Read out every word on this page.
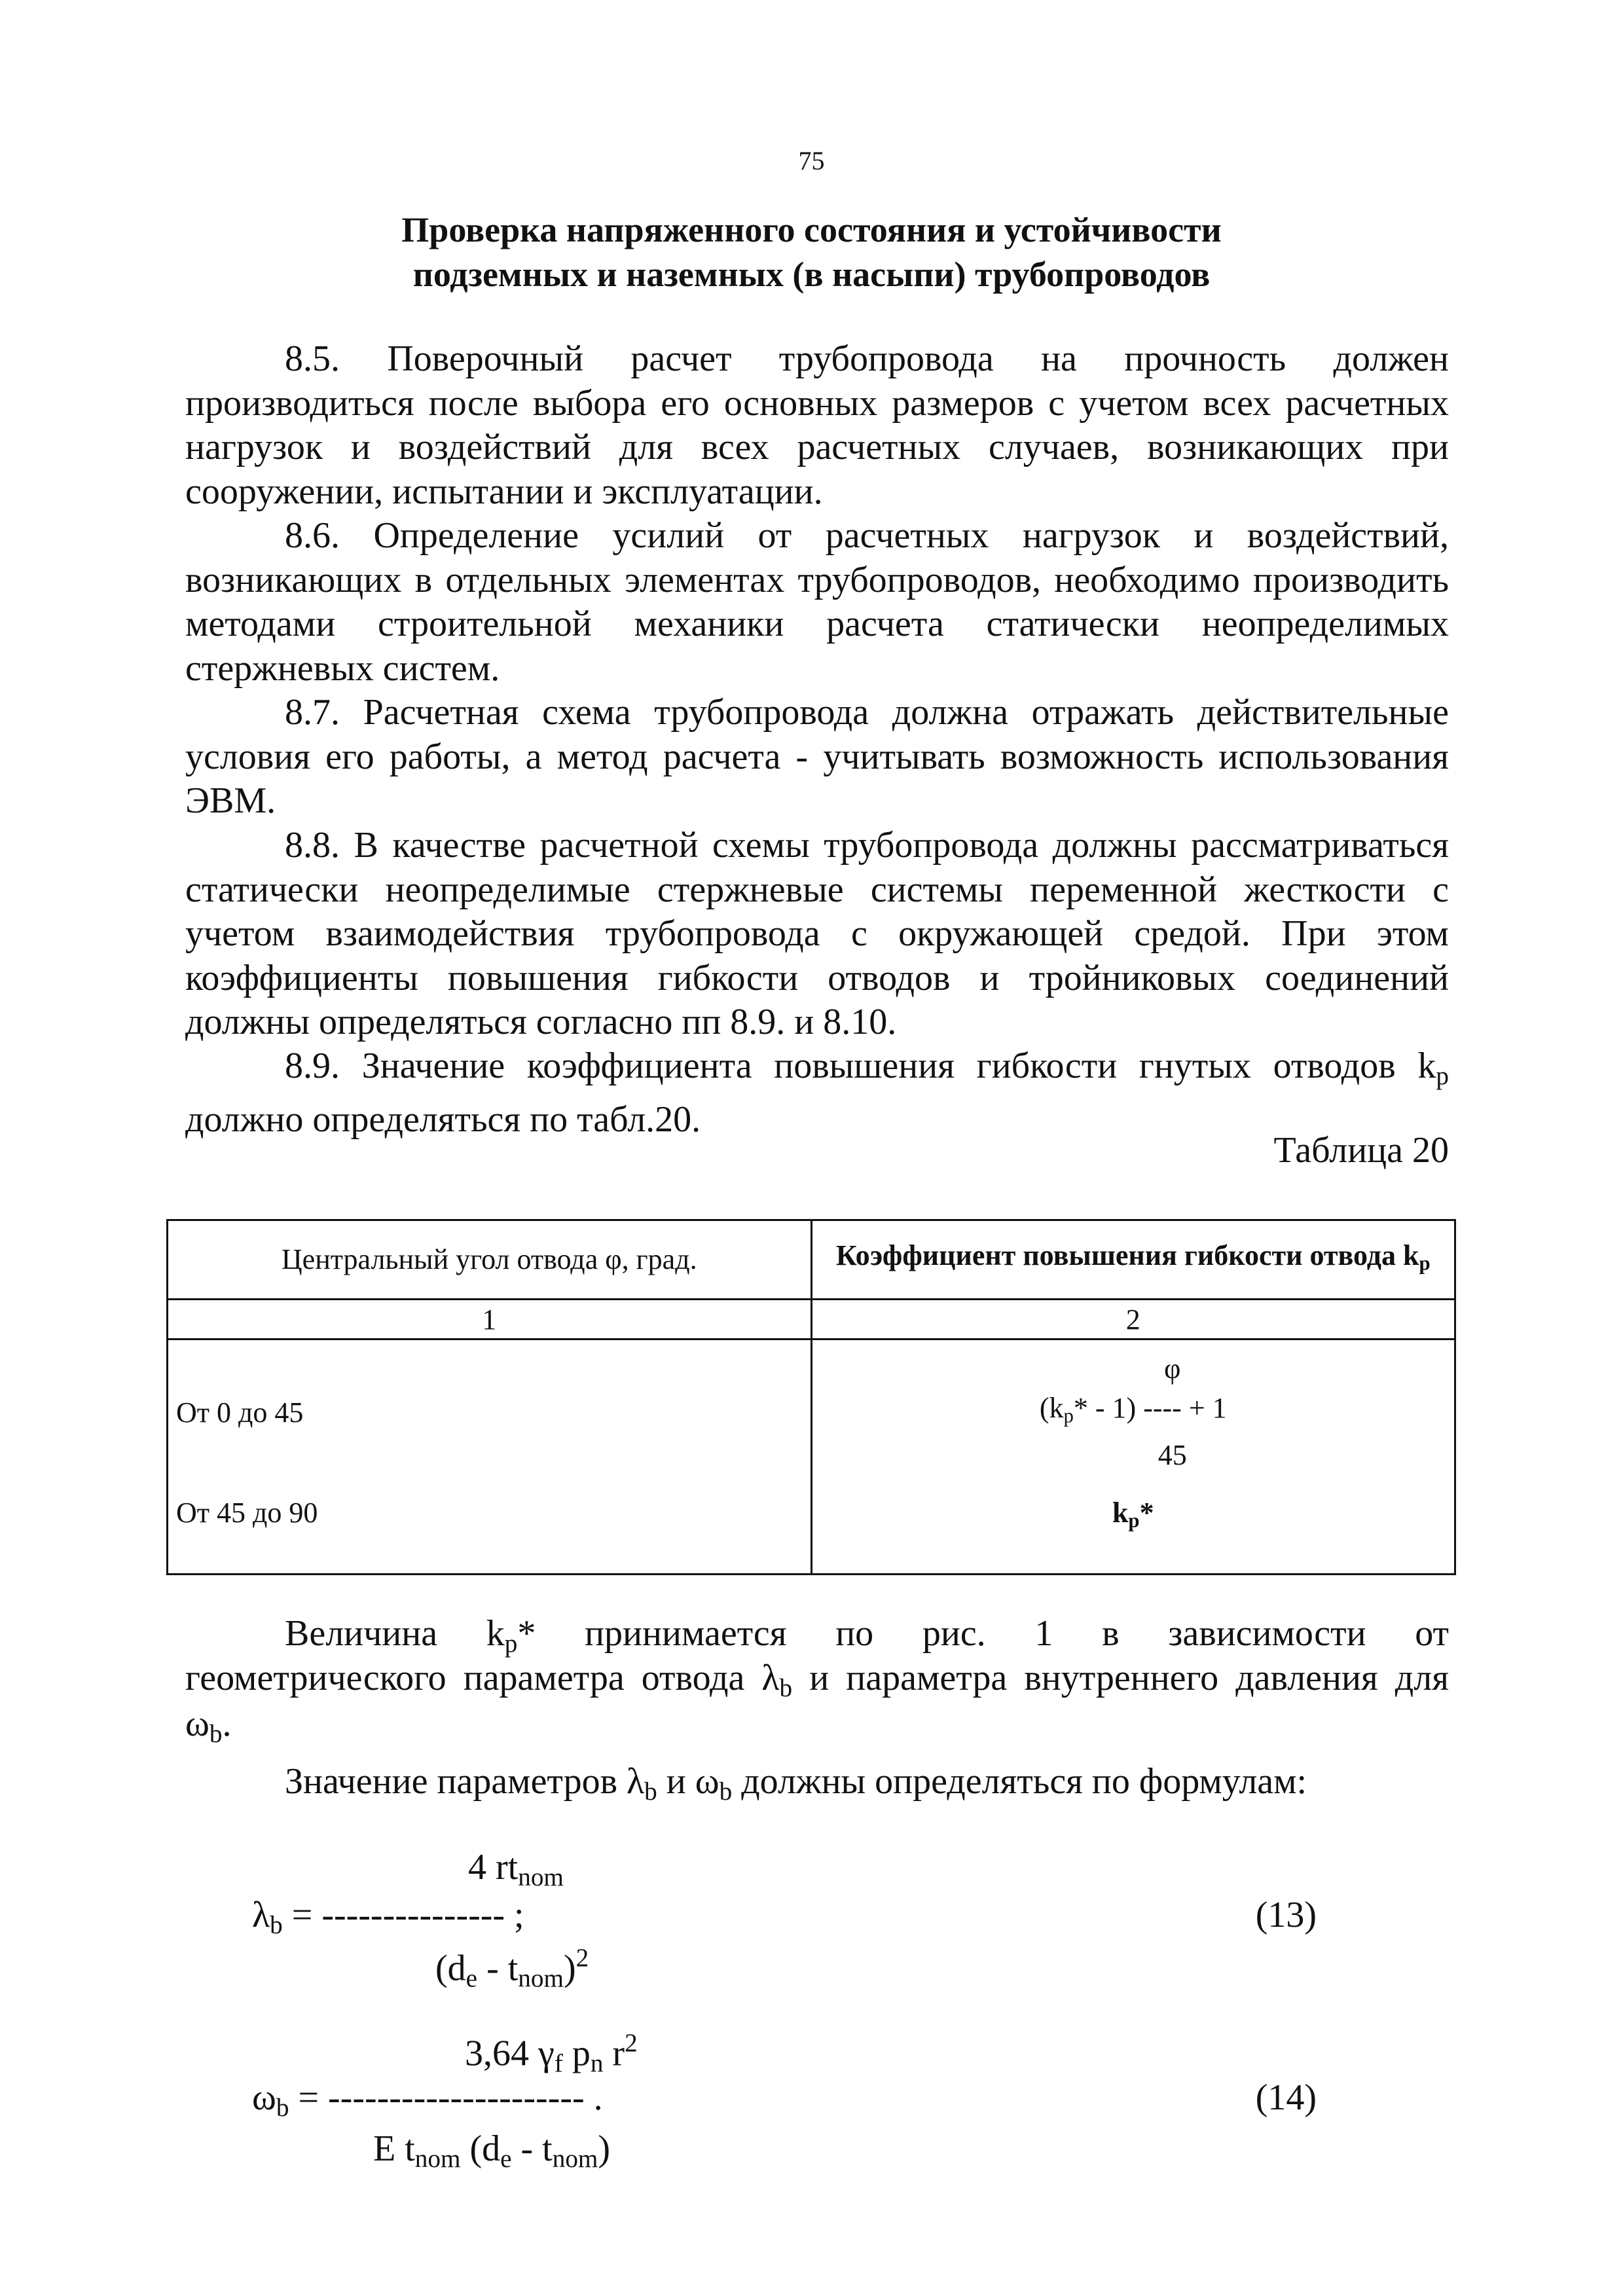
75
Проверка напряженного состояния и устойчивости
подземных и наземных (в насыпи) трубопроводов

8.5. Поверочный расчет трубопровода на прочность должен производиться после выбора его основных размеров с учетом всех расчетных нагрузок и воздействий для всех расчетных случаев, возникающих при сооружении, испытании и эксплуатации.

8.6. Определение усилий от расчетных нагрузок и воздействий, возникающих в отдельных элементах трубопроводов, необходимо производить методами строительной механики расчета статически неопределимых стержневых систем.

8.7. Расчетная схема трубопровода должна отражать действительные условия его работы, а метод расчета - учитывать возможность использования ЭВМ.

8.8. В качестве расчетной схемы трубопровода должны рассматриваться статически неопределимые стержневые системы переменной жесткости с учетом взаимодействия трубопровода с окружающей средой. При этом коэффициенты повышения гибкости отводов и тройниковых соединений должны определяться согласно пп 8.9. и 8.10.

8.9. Значение коэффициента повышения гибкости гнутых отводов $k_p$ должно определяться по табл.20.

Таблица 20
Центральный угол отвода φ, град.	Коэффициент повышения гибкости отвода $k_p$
1	2
От 0 до 45	φ
$(k_p* - 1)$ ---- + 1
45

От 45 до 90	$k_p*$

Величина $k_p*$ принимается по рис. 1 в зависимости от

геометрического параметра отвода $\lambda_b$ и параметра внутреннего давления для

$\omega_b$.

Значение параметров $\lambda_b$ и $\omega_b$ должны определяться по формулам:

4 $rt_{nom}$
$\lambda_b$ = --------------- ;
$(d_e - t_{nom})^2$
(13)
3,64 $\gamma_f$ $p_n$ $r^2$
$\omega_b$ = --------------------- .
E $t_{nom}$ $(d_e - t_{nom})$
(14)
